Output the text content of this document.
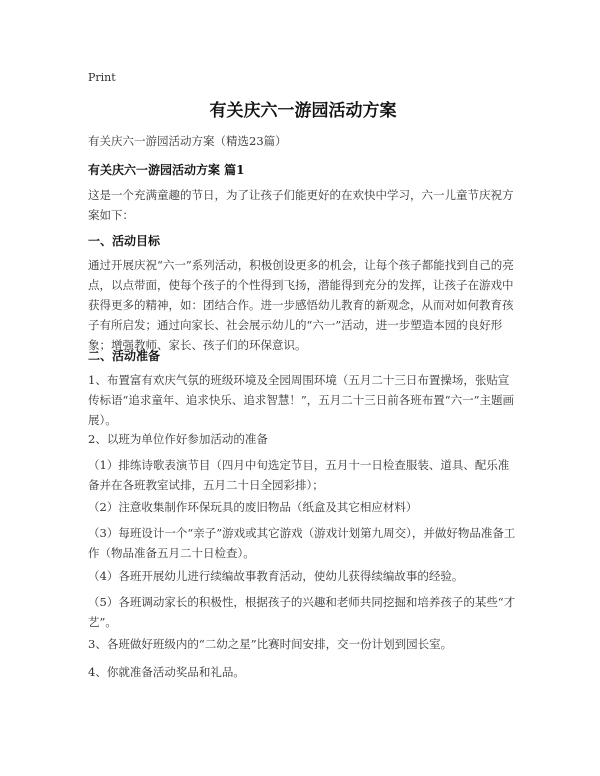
Print
有关庆六一游园活动方案
有关庆六一游园活动方案（精选23篇）
有关庆六一游园活动方案 篇1
这是一个充满童趣的节日，为了让孩子们能更好的在欢快中学习，六一儿童节庆祝方案如下：
一、活动目标
通过开展庆祝“六一”系列活动，积极创设更多的机会，让每个孩子都能找到自己的亮点，以点带面，使每个孩子的个性得到飞扬，潜能得到充分的发挥，让孩子在游戏中获得更多的精神，如：团结合作。进一步感悟幼儿教育的新观念，从而对如何教育孩子有所启发；通过向家长、社会展示幼儿的“六一”活动，进一步塑造本园的良好形象；增强教师、家长、孩子们的环保意识。
二、活动准备
1、布置富有欢庆气氛的班级环境及全园周围环境（五月二十三日布置操场，张贴宣传标语“追求童年、追求快乐、追求智慧！”，五月二十三日前各班布置“六一”主题画展）。
2、以班为单位作好参加活动的准备
（1）排练诗歌表演节目（四月中旬选定节目，五月十一日检查服装、道具、配乐准备并在各班教室试排，五月二十日全园彩排）；
（2）注意收集制作环保玩具的废旧物品（纸盒及其它相应材料）
（3）每班设计一个“亲子”游戏或其它游戏（游戏计划第九周交），并做好物品准备工作（物品准备五月二十日检查）。
（4）各班开展幼儿进行续编故事教育活动，使幼儿获得续编故事的经验。
（5）各班调动家长的积极性，根据孩子的兴趣和老师共同挖掘和培养孩子的某些“才艺”。
3、各班做好班级内的“二幼之星”比赛时间安排，交一份计划到园长室。
4、你就准备活动奖品和礼品。
